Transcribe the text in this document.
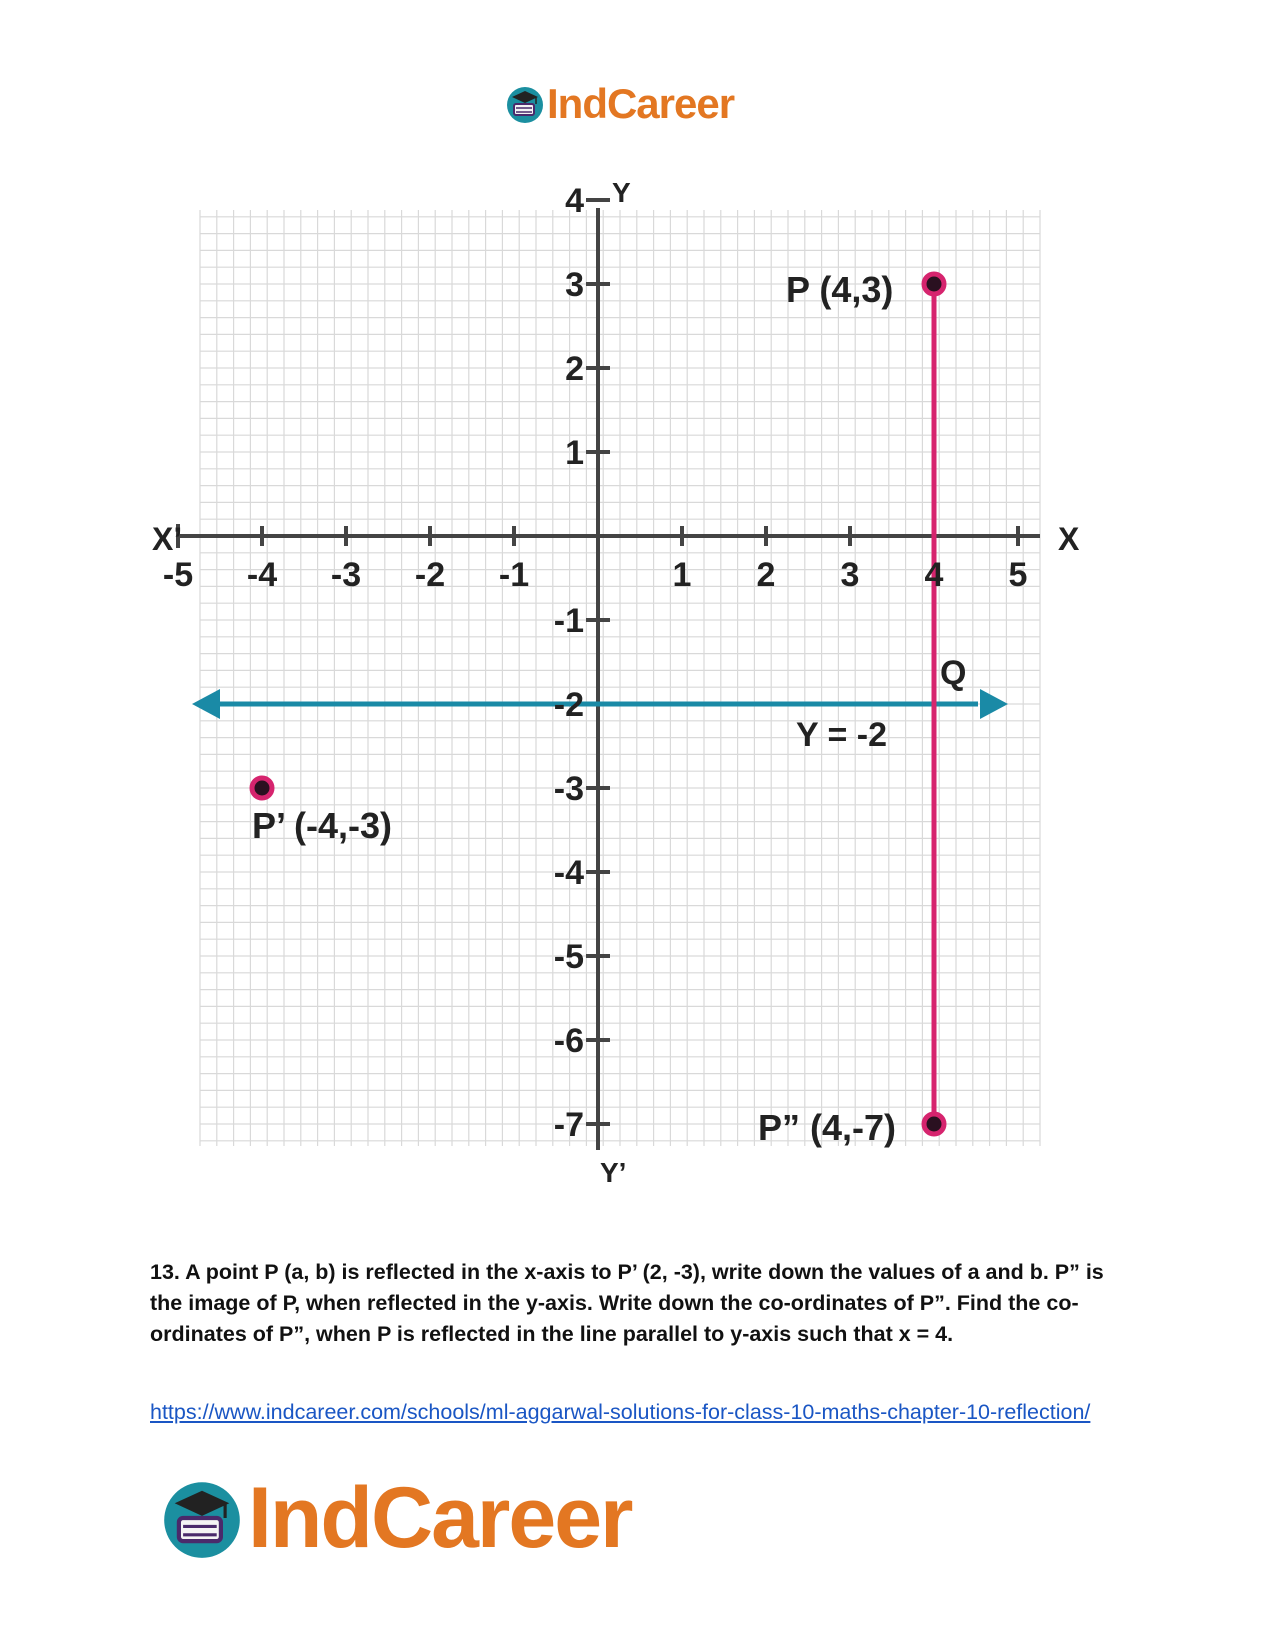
IndCareer
-5 -4 -3 -2 -1	1 2 3 4 5
4
3
2
1
-1
-2
-3
-4
-5
-6
-7
X
X’
Y
Y’
Y = -2
Q
P (4,3)
P’ (-4,-3)
P” (4,-7)

13. A point P (a, b) is reflected in the x-axis to P’ (2, -3), write down the values of a and b. P” is the image of P, when reflected in the y-axis. Write down the co-ordinates of P”. Find the co-ordinates of P”, when P is reflected in the line parallel to y-axis such that x = 4.

https://www.indcareer.com/schools/ml-aggarwal-solutions-for-class-10-maths-chapter-10-reflection/
IndCareer
